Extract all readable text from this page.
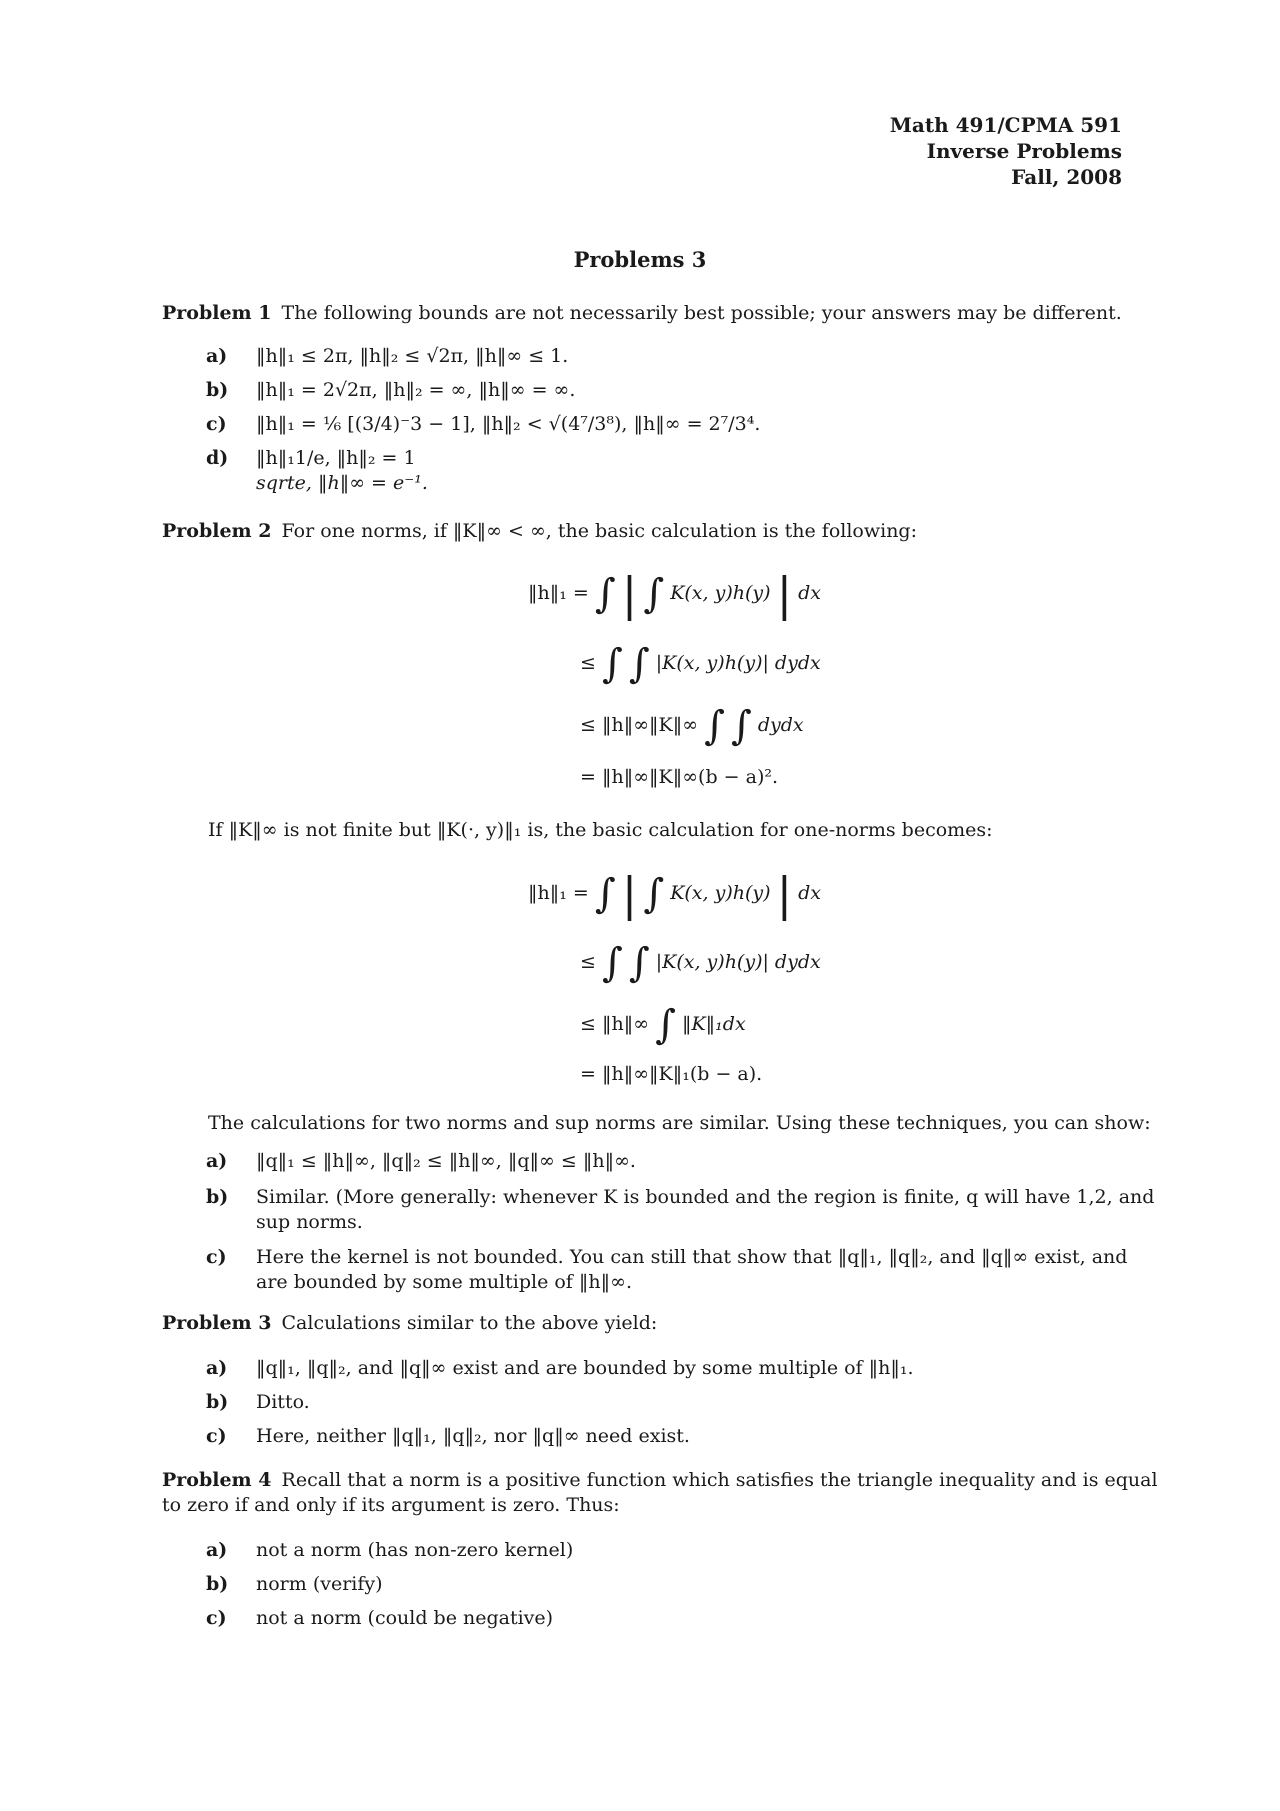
Math 491/CPMA 591
Inverse Problems
Fall, 2008
Problems 3
Problem 1 The following bounds are not necessarily best possible; your answers may be different.
a) ‖h‖₁ ≤ 2π, ‖h‖₂ ≤ √2π, ‖h‖∞ ≤ 1.
b) ‖h‖₁ = 2√2π, ‖h‖₂ = ∞, ‖h‖∞ = ∞.
c) ‖h‖₁ = ⅙ [(3/4)⁻3 − 1], ‖h‖₂ < √(4⁷/3⁸), ‖h‖∞ = 2⁷/3⁴.
d) ‖h‖₁1/e, ‖h‖₂ = 1
sqrte, ‖h‖∞ = e⁻¹.
Problem 2 For one norms, if ‖K‖∞ < ∞, the basic calculation is the following:
‖h‖₁ = ∫ | ∫ K(x, y)h(y) | dx
≤ ∫ ∫ |K(x, y)h(y)| dydx
≤ ‖h‖∞‖K‖∞ ∫ ∫ dydx
= ‖h‖∞‖K‖∞(b − a)².
If ‖K‖∞ is not finite but ‖K(·, y)‖₁ is, the basic calculation for one-norms becomes:
‖h‖₁ = ∫ | ∫ K(x, y)h(y) | dx
≤ ∫ ∫ |K(x, y)h(y)| dydx
≤ ‖h‖∞ ∫ ‖K‖₁dx
= ‖h‖∞‖K‖₁(b − a).
The calculations for two norms and sup norms are similar. Using these techniques, you can show:
a) ‖q‖₁ ≤ ‖h‖∞, ‖q‖₂ ≤ ‖h‖∞, ‖q‖∞ ≤ ‖h‖∞.
b) Similar. (More generally: whenever K is bounded and the region is finite, q will have 1,2, and sup norms.
c) Here the kernel is not bounded. You can still that show that ‖q‖₁, ‖q‖₂, and ‖q‖∞ exist, and are bounded by some multiple of ‖h‖∞.
Problem 3 Calculations similar to the above yield:
a) ‖q‖₁, ‖q‖₂, and ‖q‖∞ exist and are bounded by some multiple of ‖h‖₁.
b) Ditto.
c) Here, neither ‖q‖₁, ‖q‖₂, nor ‖q‖∞ need exist.
Problem 4 Recall that a norm is a positive function which satisfies the triangle inequality and is equal to zero if and only if its argument is zero. Thus:
a) not a norm (has non-zero kernel)
b) norm (verify)
c) not a norm (could be negative)
